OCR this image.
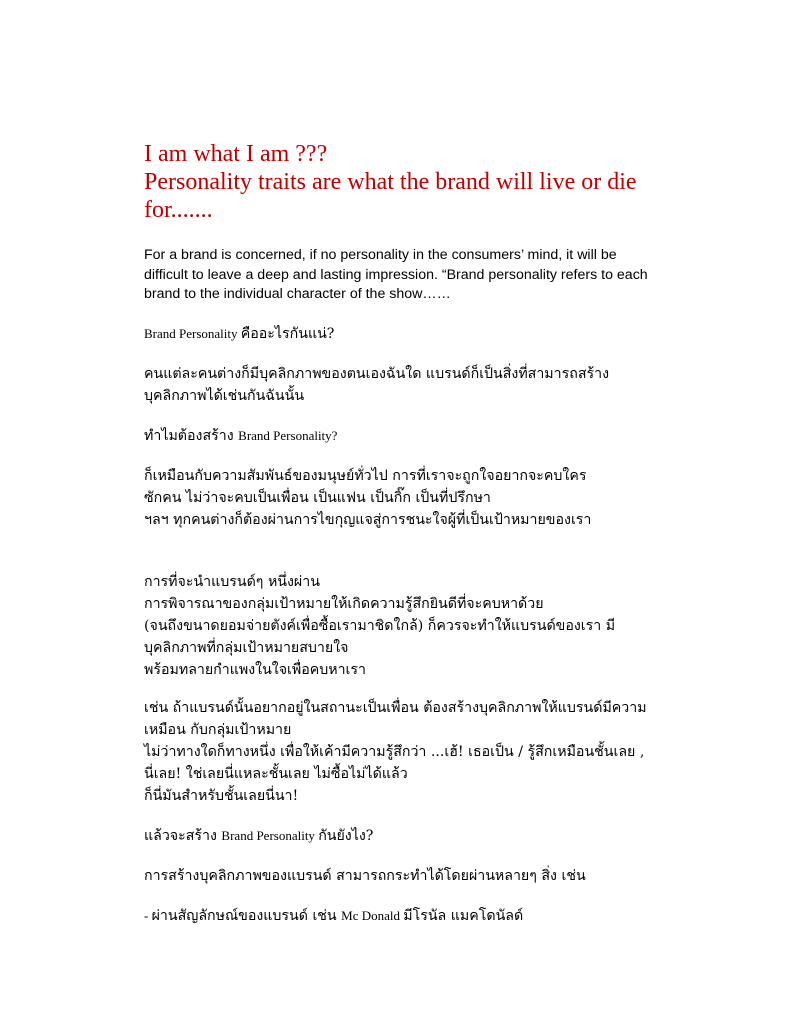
I am what I am ???
Personality traits are what the brand will live or die for.......

For a brand is concerned, if no personality in the consumers’ mind, it will be difficult to leave a deep and lasting impression. “Brand personality refers to each brand to the individual character of the show……

Brand Personality คืออะไรกันแน่?

คนแต่ละคนต่างก็มีบุคลิกภาพของตนเองฉันใด แบรนด์ก็เป็นสิ่งที่สามารถสร้างบุคลิกภาพได้เช่นกันฉันนั้น

ทำไมต้องสร้าง Brand Personality?

ก็เหมือนกับความสัมพันธ์ของมนุษย์ทั่วไป การที่เราจะถูกใจอยากจะคบใคร
ซักคน ไม่ว่าจะคบเป็นเพื่อน เป็นแฟน เป็นกิ๊ก เป็นที่ปรึกษา
ฯลฯ ทุกคนต่างก็ต้องผ่านการไขกุญแจสู่การชนะใจผู้ที่เป็นเป้าหมายของเรา

การที่จะนำแบรนด์ๆ หนึ่งผ่าน
การพิจารณาของกลุ่มเป้าหมายให้เกิดความรู้สึกยินดีที่จะคบหาด้วย
(จนถึงขนาดยอมจ่ายตังค์เพื่อซื้อเรามาชิดใกล้) ก็ควรจะทำให้แบรนด์ของเรา มีบุคลิกภาพที่กลุ่มเป้าหมายสบายใจ
พร้อมทลายกำแพงในใจเพื่อคบหาเรา

เช่น ถ้าแบรนด์นั้นอยากอยู่ในสถานะเป็นเพื่อน ต้องสร้างบุคลิกภาพให้แบรนด์มีความเหมือน กับกลุ่มเป้าหมาย
ไม่ว่าทางใดก็ทางหนึ่ง เพื่อให้เค้ามีความรู้สึกว่า ...เฮ้! เธอเป็น / รู้สึกเหมือนชั้นเลย , นี่เลย! ใช่เลยนี่แหละชั้นเลย ไม่ซื้อไม่ได้แล้ว
ก็นี่มันสำหรับชั้นเลยนี่นา!

แล้วจะสร้าง Brand Personality กันยังไง?

การสร้างบุคลิกภาพของแบรนด์ สามารถกระทำได้โดยผ่านหลายๆ สิ่ง เช่น

- ผ่านสัญลักษณ์ของแบรนด์ เช่น Mc Donald มีโรนัล แมคโดนัลด์
